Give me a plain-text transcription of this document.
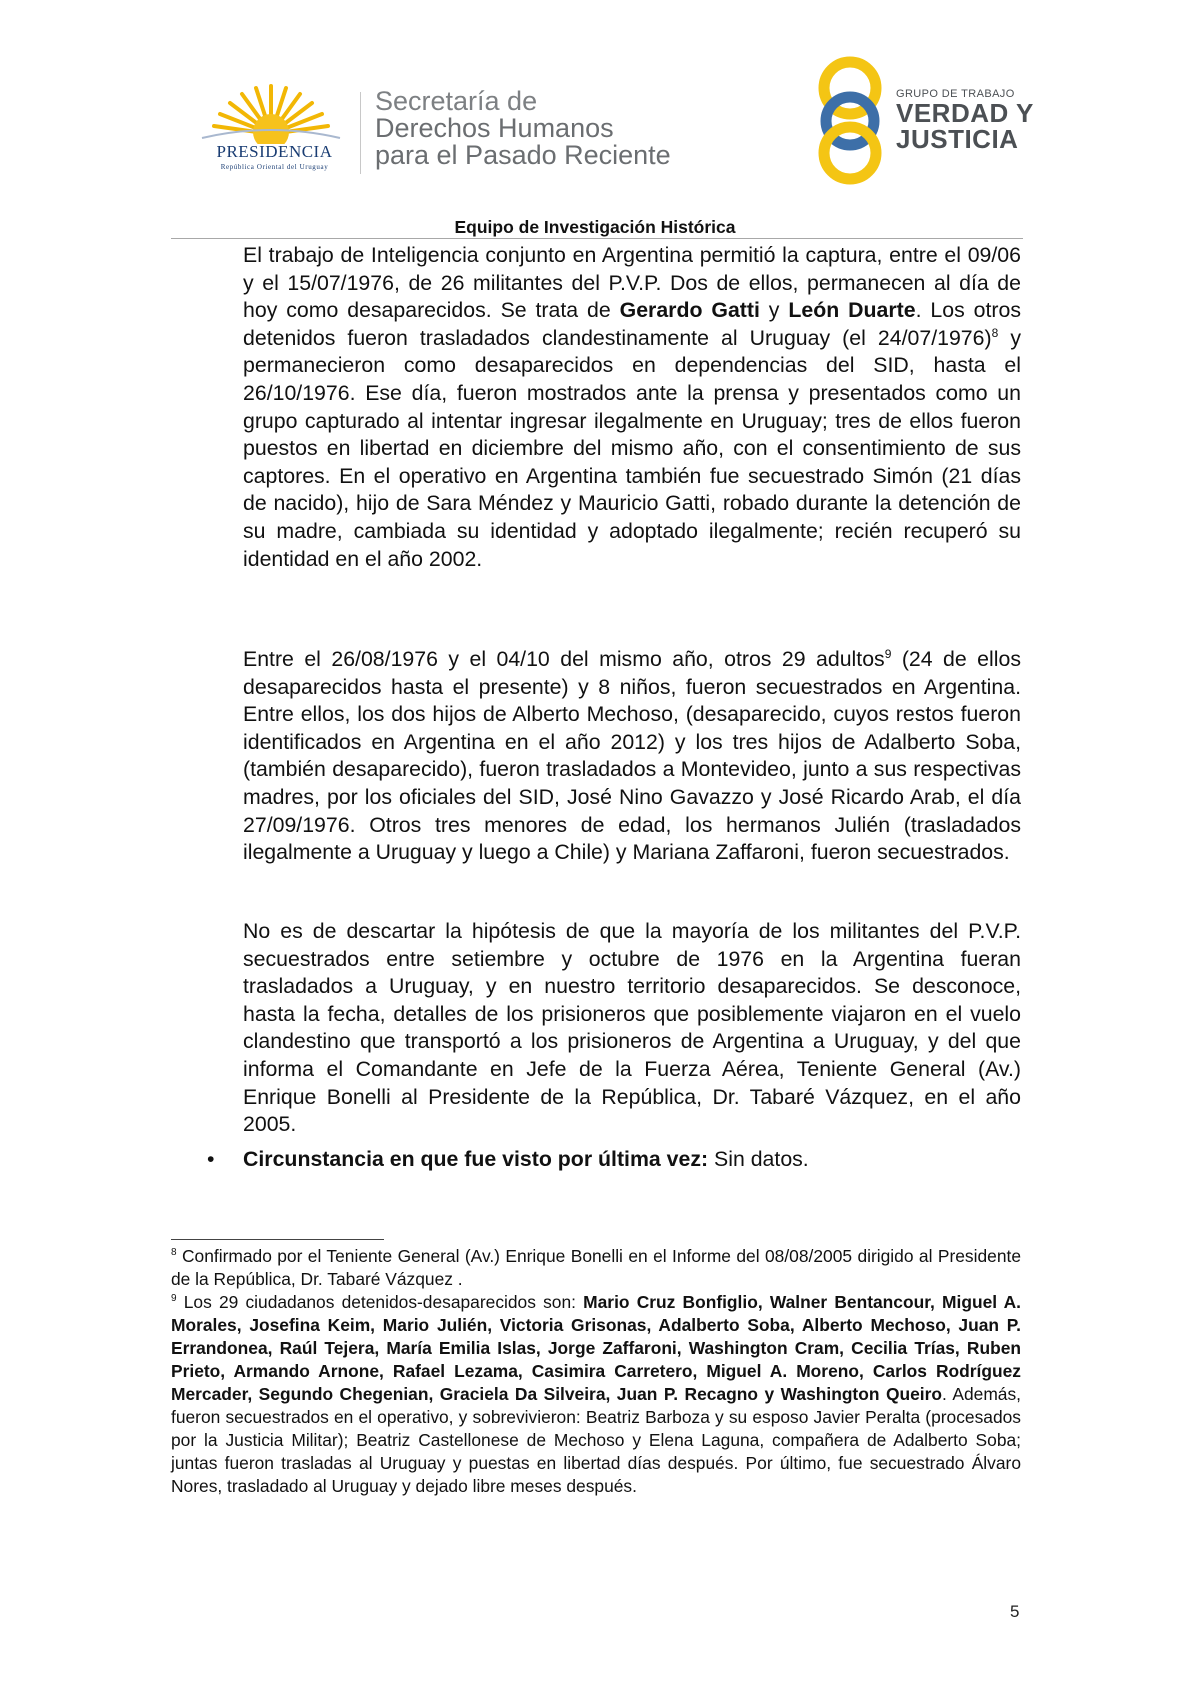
PRESIDENCIA
República Oriental del Uruguay
Secretaría de
Derechos Humanos
para el Pasado Reciente
GRUPO DE TRABAJO
VERDAD Y
JUSTICIA
Equipo de Investigación Histórica
El trabajo de Inteligencia conjunto en Argentina permitió la captura, entre el 09/06 y el 15/07/1976, de 26 militantes del P.V.P. Dos de ellos, permanecen al día de hoy como desaparecidos. Se trata de Gerardo Gatti y León Duarte. Los otros detenidos fueron trasladados clandestinamente al Uruguay (el 24/07/1976)$^8$ y permanecieron como desaparecidos en dependencias del SID, hasta el 26/10/1976. Ese día, fueron mostrados ante la prensa y presentados como un grupo capturado al intentar ingresar ilegalmente en Uruguay; tres de ellos fueron puestos en libertad en diciembre del mismo año, con el consentimiento de sus captores. En el operativo en Argentina también fue secuestrado Simón (21 días de nacido), hijo de Sara Méndez y Mauricio Gatti, robado durante la detención de su madre, cambiada su identidad y adoptado ilegalmente; recién recuperó su identidad en el año 2002.
Entre el 26/08/1976 y el 04/10 del mismo año, otros 29 adultos$^9$ (24 de ellos desaparecidos hasta el presente) y 8 niños, fueron secuestrados en Argentina. Entre ellos, los dos hijos de Alberto Mechoso, (desaparecido, cuyos restos fueron identificados en Argentina en el año 2012) y los tres hijos de Adalberto Soba, (también desaparecido), fueron trasladados a Montevideo, junto a sus respectivas madres, por los oficiales del SID, José Nino Gavazzo y José Ricardo Arab, el día 27/09/1976. Otros tres menores de edad, los hermanos Julién (trasladados ilegalmente a Uruguay y luego a Chile) y Mariana Zaffaroni, fueron secuestrados.
No es de descartar la hipótesis de que la mayoría de los militantes del P.V.P. secuestrados entre setiembre y octubre de 1976 en la Argentina fueran trasladados a Uruguay, y en nuestro territorio desaparecidos. Se desconoce, hasta la fecha, detalles de los prisioneros que posiblemente viajaron en el vuelo clandestino que transportó a los prisioneros de Argentina a Uruguay, y del que informa el Comandante en Jefe de la Fuerza Aérea, Teniente General (Av.) Enrique Bonelli al Presidente de la República, Dr. Tabaré Vázquez, en el año 2005.
• Circunstancia en que fue visto por última vez: Sin datos.

$^8$ Confirmado por el Teniente General (Av.) Enrique Bonelli en el Informe del 08/08/2005 dirigido al Presidente de la República, Dr. Tabaré Vázquez .

$^9$ Los 29 ciudadanos detenidos-desaparecidos son: Mario Cruz Bonfiglio, Walner Bentancour, Miguel A. Morales, Josefina Keim, Mario Julién, Victoria Grisonas, Adalberto Soba, Alberto Mechoso, Juan P. Errandonea, Raúl Tejera, María Emilia Islas, Jorge Zaffaroni, Washington Cram, Cecilia Trías, Ruben Prieto, Armando Arnone, Rafael Lezama, Casimira Carretero, Miguel A. Moreno, Carlos Rodríguez Mercader, Segundo Chegenian, Graciela Da Silveira, Juan P. Recagno y Washington Queiro. Además, fueron secuestrados en el operativo, y sobrevivieron: Beatriz Barboza y su esposo Javier Peralta (procesados por la Justicia Militar); Beatriz Castellonese de Mechoso y Elena Laguna, compañera de Adalberto Soba; juntas fueron trasladas al Uruguay y puestas en libertad días después. Por último, fue secuestrado Álvaro Nores, trasladado al Uruguay y dejado libre meses después.

5
